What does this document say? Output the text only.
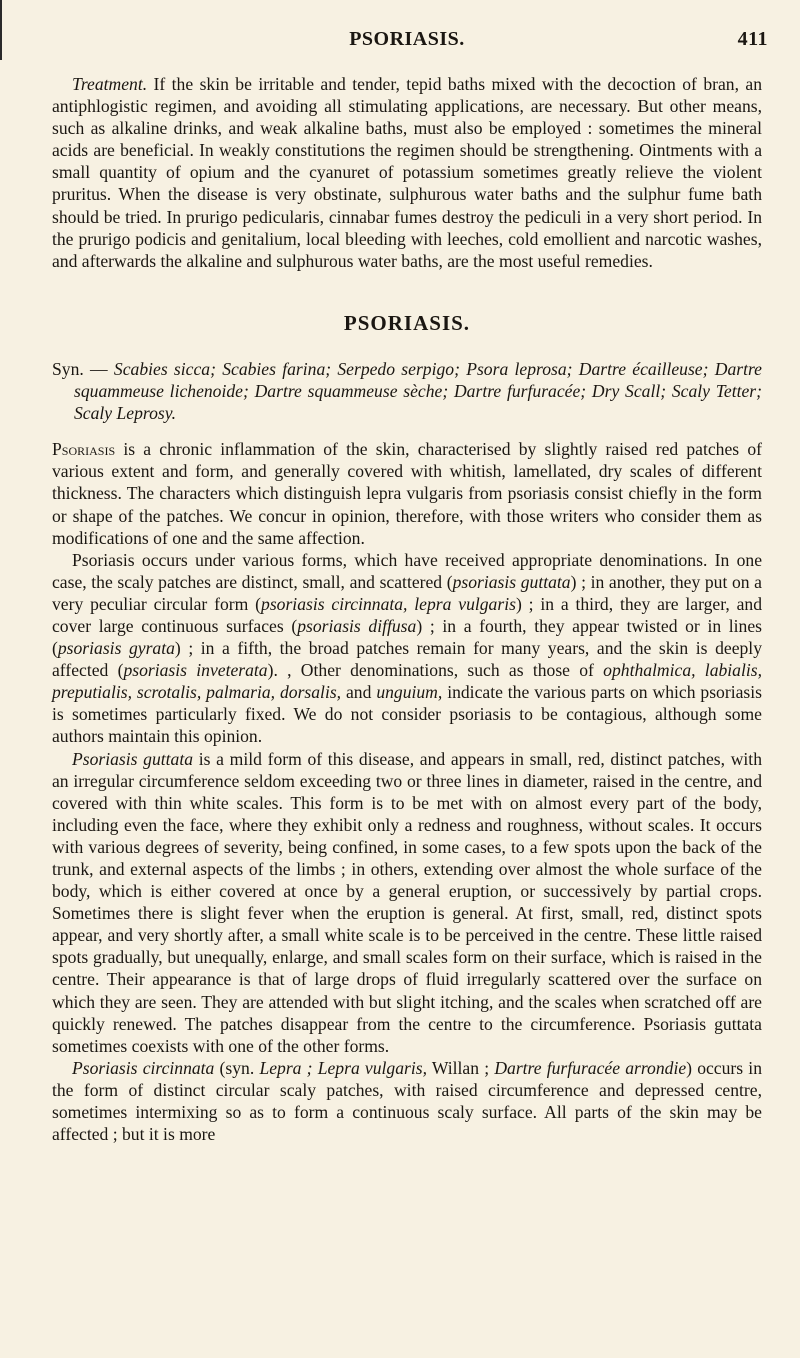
PSORIASIS.	411

Treatment. If the skin be irritable and tender, tepid baths mixed with the decoction of bran, an antiphlogistic regimen, and avoiding all stimulating applications, are necessary. But other means, such as alkaline drinks, and weak alkaline baths, must also be employed : sometimes the mineral acids are beneficial. In weakly constitutions the regimen should be strengthening. Ointments with a small quantity of opium and the cyanuret of potassium sometimes greatly relieve the violent pruritus. When the disease is very obstinate, sulphurous water baths and the sulphur fume bath should be tried. In prurigo pedicularis, cinnabar fumes destroy the pediculi in a very short period. In the prurigo podicis and genitalium, local bleeding with leeches, cold emollient and narcotic washes, and afterwards the alkaline and sulphurous water baths, are the most useful remedies.

PSORIASIS.

Syn. — Scabies sicca; Scabies farina; Serpedo serpigo; Psora leprosa; Dartre écailleuse; Dartre squammeuse lichenoide; Dartre squammeuse sèche; Dartre furfuracée; Dry Scall; Scaly Tetter; Scaly Leprosy.

Psoriasis is a chronic inflammation of the skin, characterised by slightly raised red patches of various extent and form, and generally covered with whitish, lamellated, dry scales of different thickness. The characters which distinguish lepra vulgaris from psoriasis consist chiefly in the form or shape of the patches. We concur in opinion, therefore, with those writers who consider them as modifications of one and the same affection.

Psoriasis occurs under various forms, which have received appropriate denominations. In one case, the scaly patches are distinct, small, and scattered (psoriasis guttata) ; in another, they put on a very peculiar circular form (psoriasis circinnata, lepra vulgaris) ; in a third, they are larger, and cover large continuous surfaces (psoriasis diffusa) ; in a fourth, they appear twisted or in lines (psoriasis gyrata) ; in a fifth, the broad patches remain for many years, and the skin is deeply affected (psoriasis inveterata). , Other denominations, such as those of ophthalmica, labialis, preputialis, scrotalis, palmaria, dorsalis, and unguium, indicate the various parts on which psoriasis is sometimes particularly fixed. We do not consider psoriasis to be contagious, although some authors maintain this opinion.

Psoriasis guttata is a mild form of this disease, and appears in small, red, distinct patches, with an irregular circumference seldom exceeding two or three lines in diameter, raised in the centre, and covered with thin white scales. This form is to be met with on almost every part of the body, including even the face, where they exhibit only a redness and roughness, without scales. It occurs with various degrees of severity, being confined, in some cases, to a few spots upon the back of the trunk, and external aspects of the limbs ; in others, extending over almost the whole surface of the body, which is either covered at once by a general eruption, or successively by partial crops. Sometimes there is slight fever when the eruption is general. At first, small, red, distinct spots appear, and very shortly after, a small white scale is to be perceived in the centre. These little raised spots gradually, but unequally, enlarge, and small scales form on their surface, which is raised in the centre. Their appearance is that of large drops of fluid irregularly scattered over the surface on which they are seen. They are attended with but slight itching, and the scales when scratched off are quickly renewed. The patches disappear from the centre to the circumference. Psoriasis guttata sometimes coexists with one of the other forms.

Psoriasis circinnata (syn. Lepra ; Lepra vulgaris, Willan ; Dartre furfuracée arrondie) occurs in the form of distinct circular scaly patches, with raised circumference and depressed centre, sometimes intermixing so as to form a continuous scaly surface. All parts of the skin may be affected ; but it is more
